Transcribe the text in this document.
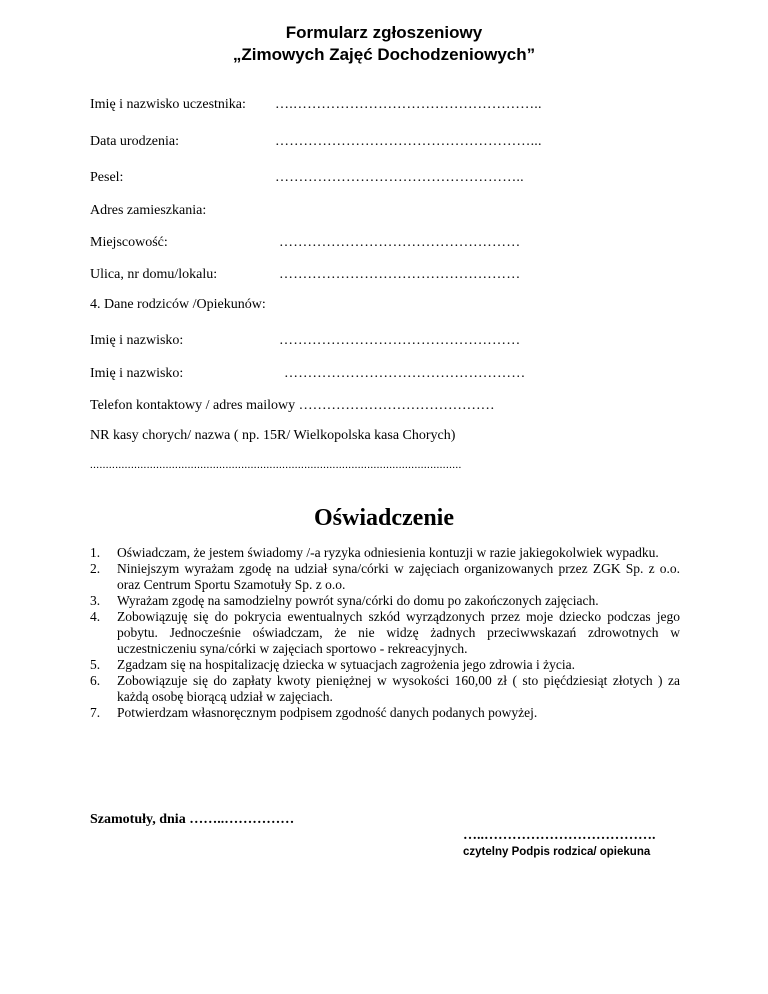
Formularz zgłoszeniowy
„Zimowych Zajęć Dochodzeniowych”
Imię i nazwisko uczestnika: ….……………………………………………..
Data urodzenia:	………………………………………………...
Pesel:	……………………………………………..
Adres zamieszkania:
Miejscowość:	……………………………………………
Ulica, nr domu/lokalu:	……………………………………………
4. Dane rodziców /Opiekunów:
Imię i nazwisko:	……………………………………………
Imię i nazwisko:	……………………………………………
Telefon kontaktowy / adres mailowy ……………………………………
NR kasy chorych/ nazwa ( np. 15R/ Wielkopolska kasa Chorych)
......................................................................................................................
Oświadczenie
1. Oświadczam, że jestem świadomy /-a ryzyka odniesienia kontuzji w razie jakiegokolwiek wypadku.
2. Niniejszym wyrażam zgodę na udział syna/córki w zajęciach organizowanych przez ZGK Sp. z o.o. oraz Centrum Sportu Szamotuły Sp. z o.o.
3. Wyrażam zgodę na samodzielny powrót syna/córki do domu po zakończonych zajęciach.
4. Zobowiązuję się do pokrycia ewentualnych szkód wyrządzonych przez moje dziecko podczas jego pobytu. Jednocześnie oświadczam, że nie widzę żadnych przeciwwskazań zdrowotnych w uczestniczeniu syna/córki w zajęciach sportowo - rekreacyjnych.
5. Zgadzam się na hospitalizację dziecka w sytuacjach zagrożenia jego zdrowia i życia.
6. Zobowiązuje się do zapłaty kwoty pieniężnej w wysokości 160,00 zł ( sto pięćdziesiąt złotych ) za każdą osobę biorącą udział w zajęciach.
7. Potwierdzam własnoręcznym podpisem zgodność danych podanych powyżej.
Szamotuły, dnia ……..……………
…..……………………………….
czytelny Podpis rodzica/ opiekuna
